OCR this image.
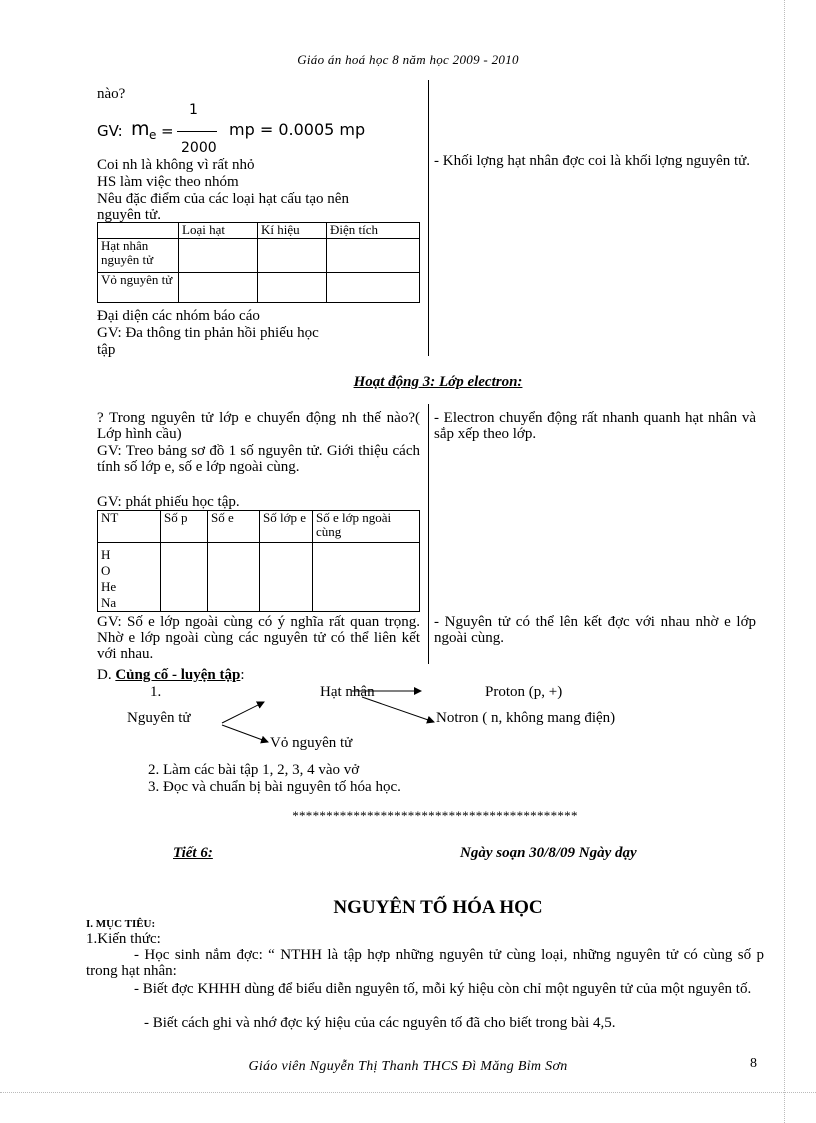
Giáo án hoá học 8 năm học 2009 - 2010
nào?
GV: m e =
1
2000
mp = 0.0005 mp
Coi nh là không vì rất nhỏ
HS làm việc theo nhóm
Nêu đặc điểm của các loại hạt cấu tạo nên
nguyên tử.
- Khối lợng hạt nhân đợc coi là khối lợng nguyên tử.
	Loại hạt	Kí hiệu	Điện tích
Hạt nhân nguyên tử			
Vỏ nguyên tử			
Đại diện các nhóm báo cáo
GV: Đa thông tin phản hồi phiếu học
tập
Hoạt động 3: Lớp electron:
? Trong nguyên tử lớp e chuyển động nh thế nào?( Lớp hình cầu)
GV: Treo bảng sơ đồ 1 số nguyên tử. Giới thiệu cách tính số lớp e, số e lớp ngoài cùng.
GV: phát phiếu học tập.
- Electron chuyển động rất nhanh quanh hạt nhân và sắp xếp theo lớp.
NT	Số p	Số e	Số lớp e	Số e lớp ngoài cùng

H
O
He
Na				

GV: Số e lớp ngoài cùng có ý nghĩa rất quan trọng. Nhờ e lớp ngoài cùng các nguyên tử có thể liên kết với nhau.
- Nguyên tử có thể lên kết đợc với nhau nhờ e lớp ngoài cùng.
D. Củng cố - luyện tập:
1.	Hạt nhân	Proton (p, +)
Nguyên tử	Notron ( n, không mang điện)
Vỏ nguyên tử
2. Làm các bài tập 1, 2, 3, 4 vào vở
3. Đọc và chuẩn bị bài nguyên tố hóa học.
******************************************
Tiết 6:	Ngày soạn 30/8/09 Ngày dạy
NGUYÊN TỐ HÓA HỌC
I. MỤC TIÊU:
1.Kiến thức:
- Học sinh nắm đợc: “ NTHH là tập hợp những nguyên tử cùng loại, những nguyên tử có cùng số p trong hạt nhân:
- Biết đợc KHHH dùng để biểu diễn nguyên tố, mỗi ký hiệu còn chỉ một nguyên tử của một nguyên tố.
- Biết cách ghi và nhớ đợc ký hiệu của các nguyên tố đã cho biết trong bài 4,5.
Giáo viên Nguyễn Thị Thanh THCS Đì Măng Bỉm Sơn	8
